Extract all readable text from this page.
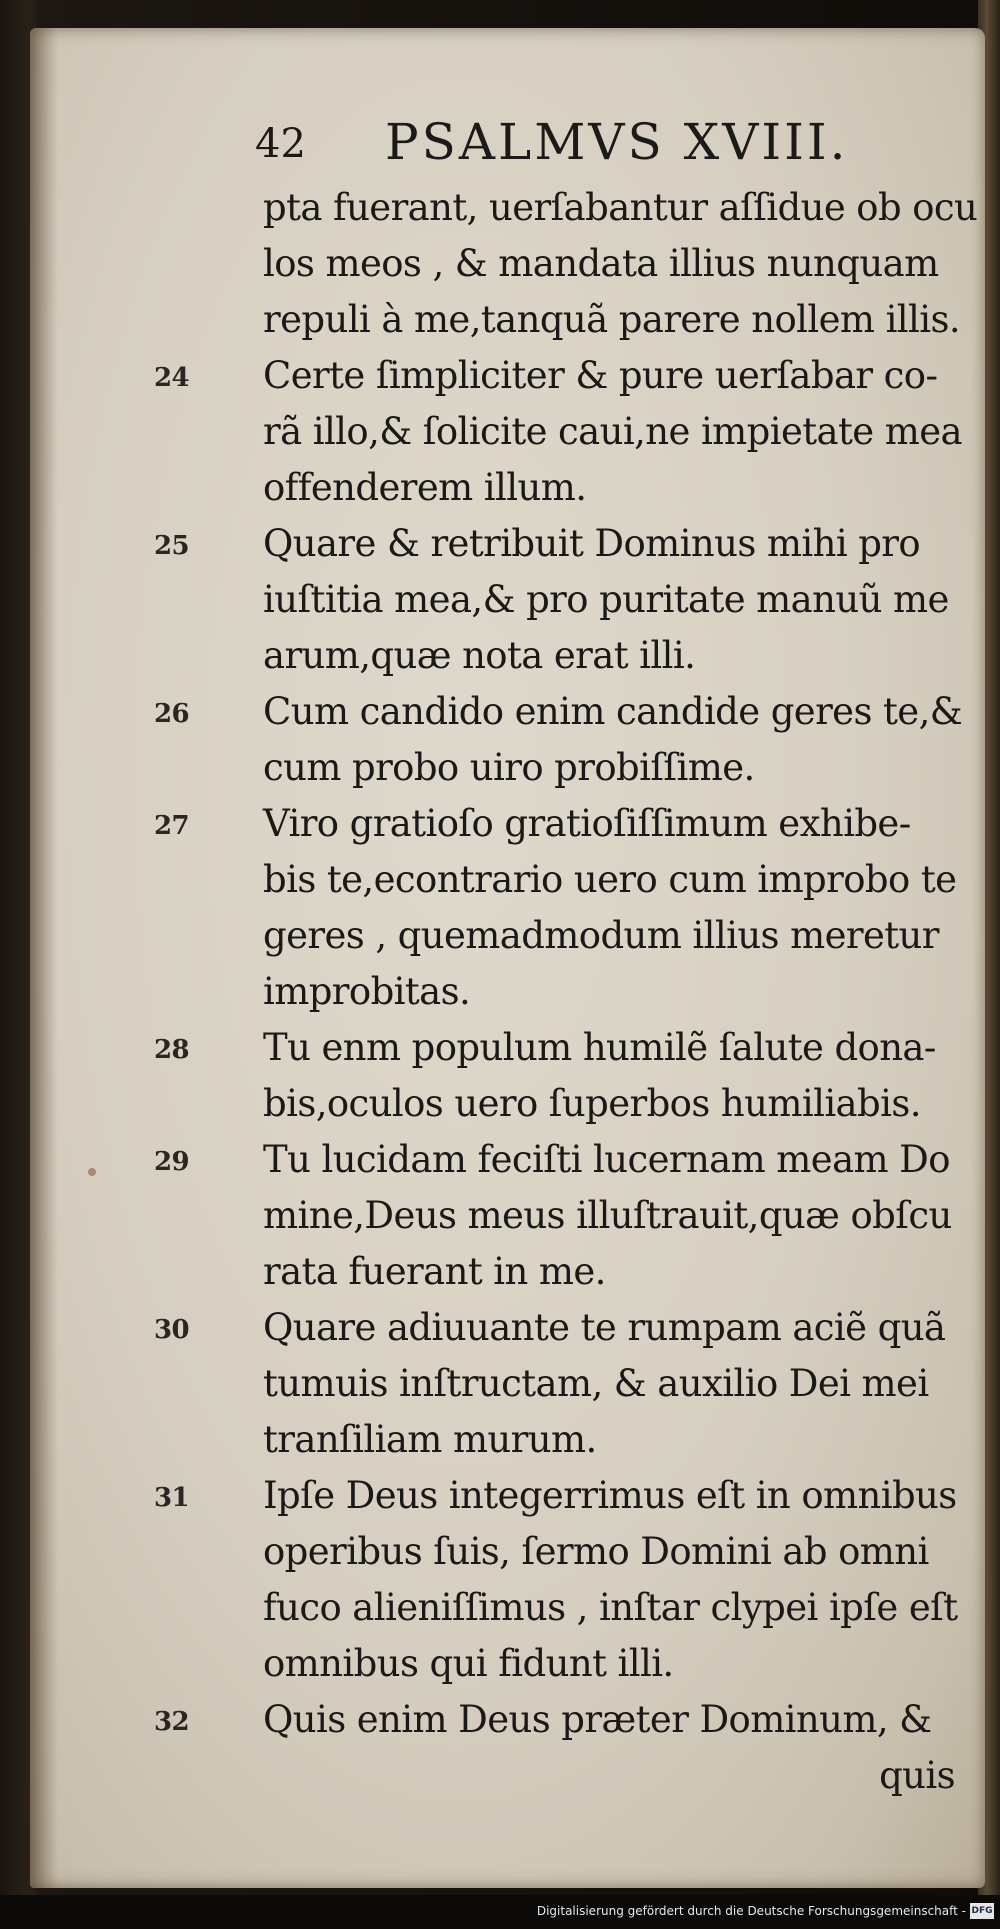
42 PSALMVS XVIII.
pta fuerant, uerſabantur aſſidue ob ocu
los meos , & mandata illius nunquam
repuli à me,tanquã parere nollem illis.
24 Certe ſimpliciter & pure uerſabar co-
rã illo,& ſolicite caui,ne impietate mea
offenderem illum.
25 Quare & retribuit Dominus mihi pro
iuſtitia mea,& pro puritate manuũ me
arum,quæ nota erat illi.
26 Cum candido enim candide geres te,&
cum probo uiro probiſſime.
27 Viro gratioſo gratioſiſſimum exhibe-
bis te,econtrario uero cum improbo te
geres , quemadmodum illius meretur
improbitas.
28 Tu enm populum humilẽ ſalute dona-
bis,oculos uero ſuperbos humiliabis.
29 Tu lucidam feciſti lucernam meam Do
mine,Deus meus illuſtrauit,quæ obſcu
rata fuerant in me.
30 Quare adiuuante te rumpam aciẽ quã
tumuis inſtructam, & auxilio Dei mei
tranſiliam murum.
31 Ipſe Deus integerrimus eſt in omnibus
operibus ſuis, ſermo Domini ab omni
fuco alieniſſimus , inſtar clypei ipſe eſt
omnibus qui fidunt illi.
32 Quis enim Deus præter Dominum, &
quis
Digitalisierung gefördert durch die Deutsche Forschungsgemeinschaft - DFG
